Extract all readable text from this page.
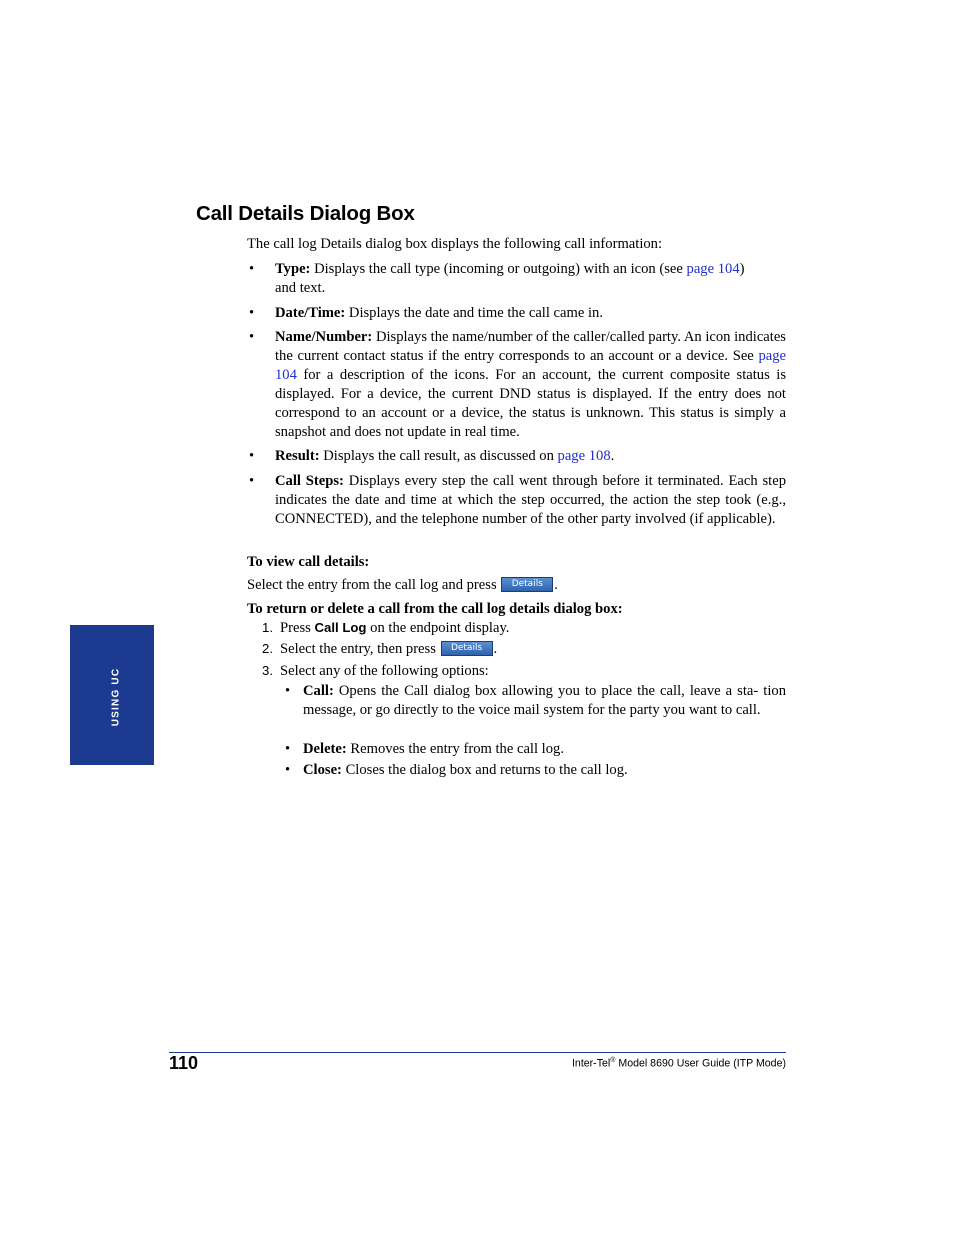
Call Details Dialog Box
The call log Details dialog box displays the following call information:
• Type: Displays the call type (incoming or outgoing) with an icon (see page 104)
and text.
• Date/Time: Displays the date and time the call came in.
• Name/Number: Displays the name/number of the caller/called party. An icon indicates the current contact status if the entry corresponds to an account or a device. See page 104 for a description of the icons. For an account, the current composite status is displayed. For a device, the current DND status is displayed. If the entry does not correspond to an account or a device, the status is unknown. This status is simply a snapshot and does not update in real time.
• Result: Displays the call result, as discussed on page 108.
• Call Steps: Displays every step the call went through before it terminated. Each step indicates the date and time at which the step occurred, the action the step took (e.g., CONNECTED), and the telephone number of the other party involved (if applicable).
To view call details:
Select the entry from the call log and press Details .
To return or delete a call from the call log details dialog box:
1. Press Call Log on the endpoint display.
2. Select the entry, then press Details .
3. Select any of the following options:
• Call: Opens the Call dialog box allowing you to place the call, leave a sta- tion message, or go directly to the voice mail system for the party you want to call.
• Delete: Removes the entry from the call log.
• Close: Closes the dialog box and returns to the call log.
USING UC
110	Inter-Tel® Model 8690 User Guide (ITP Mode)
